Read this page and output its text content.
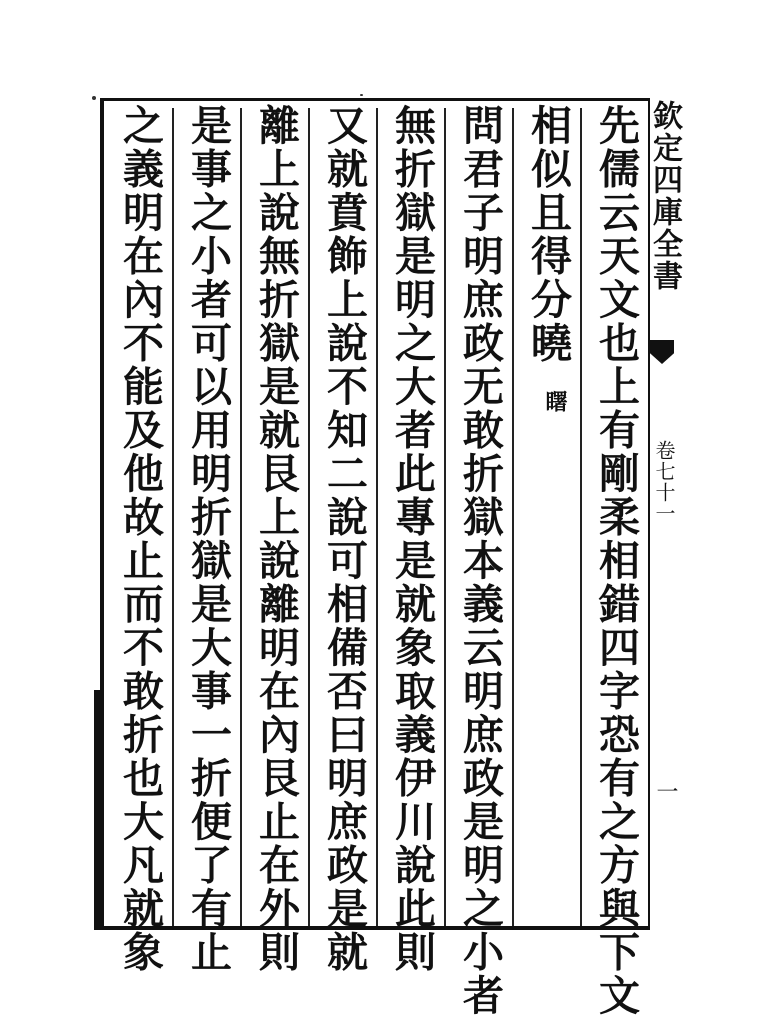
先儒云天文也上有剛柔相錯四字恐有之方與下文
相似且得分曉
𥌓
問君子明庶政无敢折獄本義云明庶政是明之小者
無折獄是明之大者此專是就象取義伊川說此則
又就賁飾上說不知二說可相備否曰明庶政是就
離上說無折獄是就艮上說離明在內艮止在外則
是事之小者可以用明折獄是大事一折便了有止
之義明在內不能及他故止而不敢折也大凡就象	欽定四庫全書
卷七十一
一
